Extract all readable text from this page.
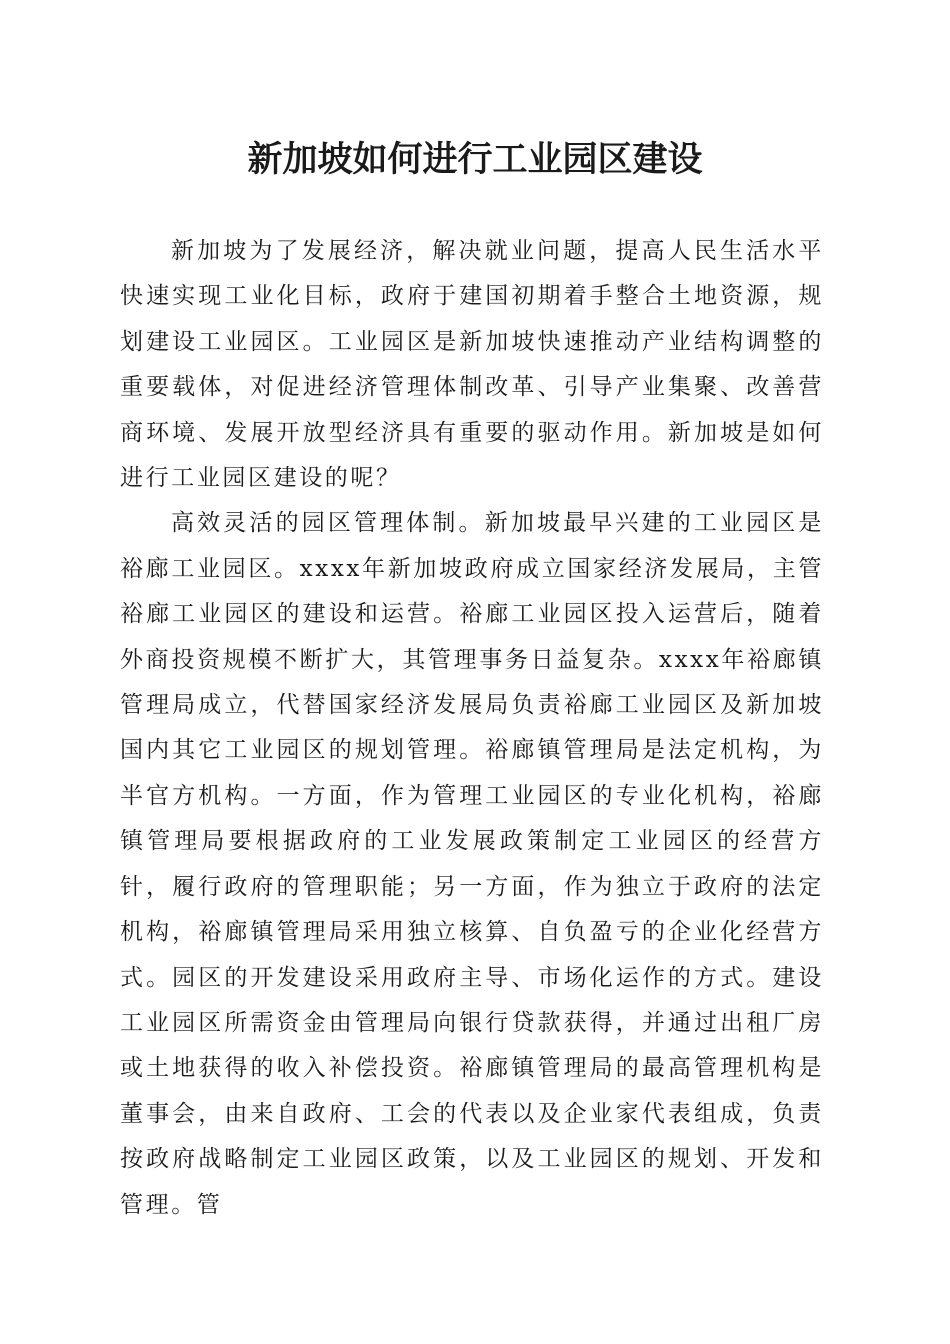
新加坡如何进行工业园区建设

新加坡为了发展经济，解决就业问题，提高人民生活水平快速实现工业化目标，政府于建国初期着手整合土地资源，规划建设工业园区。工业园区是新加坡快速推动产业结构调整的重要载体，对促进经济管理体制改革、引导产业集聚、改善营商环境、发展开放型经济具有重要的驱动作用。新加坡是如何进行工业园区建设的呢？

高效灵活的园区管理体制。新加坡最早兴建的工业园区是裕廊工业园区。xxxx年新加坡政府成立国家经济发展局，主管裕廊工业园区的建设和运营。裕廊工业园区投入运营后，随着外商投资规模不断扩大，其管理事务日益复杂。xxxx年裕廊镇管理局成立，代替国家经济发展局负责裕廊工业园区及新加坡国内其它工业园区的规划管理。裕廊镇管理局是法定机构，为半官方机构。一方面，作为管理工业园区的专业化机构，裕廊镇管理局要根据政府的工业发展政策制定工业园区的经营方针，履行政府的管理职能；另一方面，作为独立于政府的法定机构，裕廊镇管理局采用独立核算、自负盈亏的企业化经营方式。园区的开发建设采用政府主导、市场化运作的方式。建设工业园区所需资金由管理局向银行贷款获得，并通过出租厂房或土地获得的收入补偿投资。裕廊镇管理局的最高管理机构是董事会，由来自政府、工会的代表以及企业家代表组成，负责按政府战略制定工业园区政策，以及工业园区的规划、开发和管理。管
